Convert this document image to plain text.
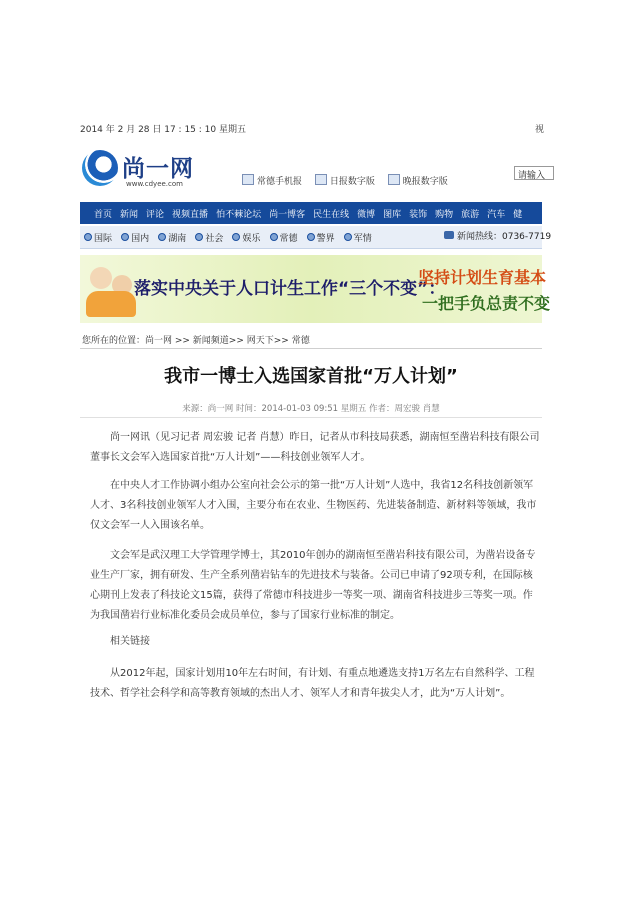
2014 年 2 月 28 日 17 : 15 : 10 星期五	视
尚一网
www.cdyee.com	常德手机报	日报数字版	晚报数字版
请输入
首页 新闻 评论 视频直播 怕不棘论坛 尚一博客 民生在线 微博 图库 装饰 购物 旅游 汽车 健
国际 国内 湖南 社会 娱乐 常德 警界 军情	新闻热线：0736-7719
落实中央关于人口计生工作“三个不变”：
坚持计划生育基本
一把手负总责不变
您所在的位置：尚一网 >> 新闻频道>> 网天下>> 常德
我市一博士入选国家首批“万人计划”
来源：尚一网 时间：2014-01-03 09:51 星期五 作者：周宏骏 肖慧

尚一网讯（见习记者 周宏骏 记者 肖慧）昨日，记者从市科技局获悉，湖南恒至凿岩科技有限公司董事长文会军入选国家首批“万人计划”——科技创业领军人才。

在中央人才工作协调小组办公室向社会公示的第一批“万人计划”人选中，我省12名科技创新领军人才、3名科技创业领军人才入围，主要分布在农业、生物医药、先进装备制造、新材料等领域，我市仅文会军一人入围该名单。

文会军是武汉理工大学管理学博士，其2010年创办的湖南恒至凿岩科技有限公司，为凿岩设备专业生产厂家，拥有研发、生产全系列凿岩钻车的先进技术与装备。公司已申请了92项专利，在国际核心期刊上发表了科技论文15篇，获得了常德市科技进步一等奖一项、湖南省科技进步三等奖一项。作为我国凿岩行业标准化委员会成员单位，参与了国家行业标准的制定。

相关链接

从2012年起，国家计划用10年左右时间，有计划、有重点地遴选支持1万名左右自然科学、工程技术、哲学社会科学和高等教育领域的杰出人才、领军人才和青年拔尖人才，此为“万人计划”。
